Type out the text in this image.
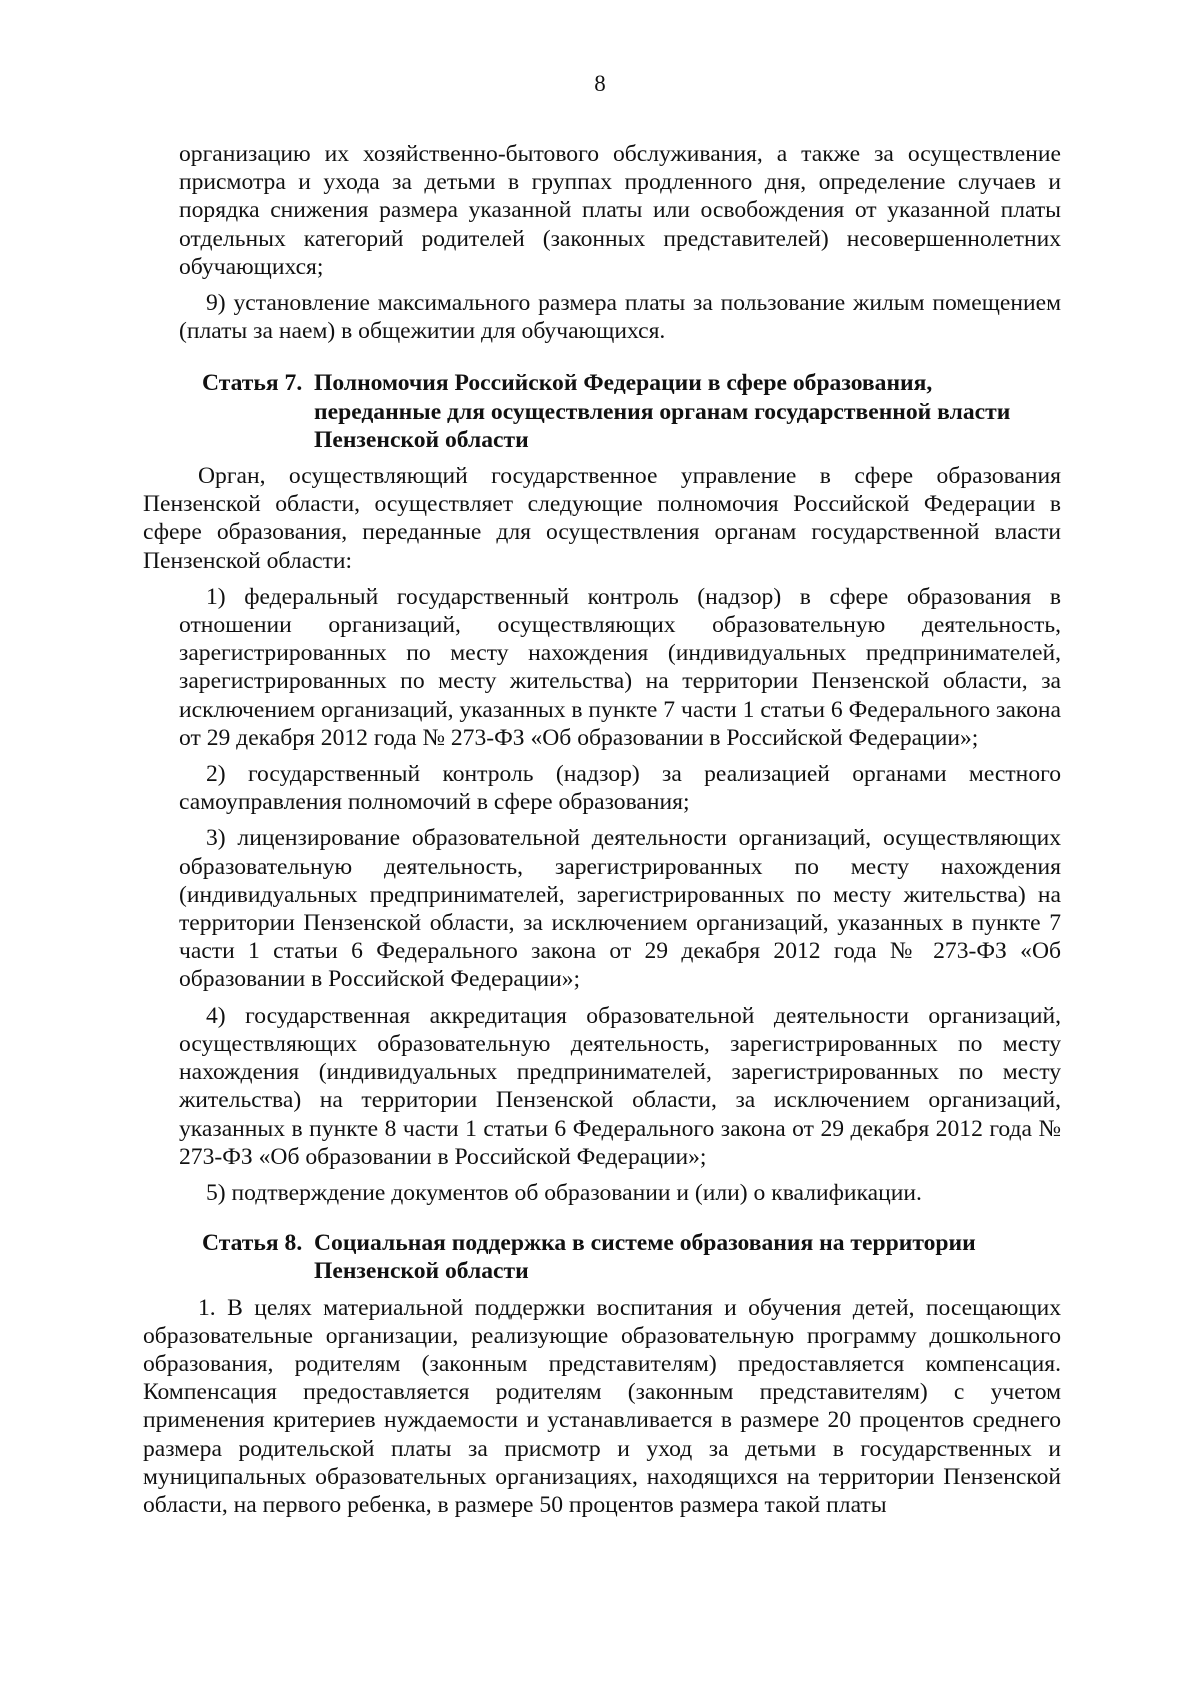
8

организацию их хозяйственно-бытового обслуживания, а также за осуществление присмотра и ухода за детьми в группах продленного дня, определение случаев и порядка снижения размера указанной платы или освобождения от указанной платы отдельных категорий родителей (законных представителей) несовершеннолетних обучающихся;

9) установление максимального размера платы за пользование жилым помещением (платы за наем) в общежитии для обучающихся.

Статья 7. Полномочия Российской Федерации в сфере образования,
переданные для осуществления органам государственной власти
Пензенской области

Орган, осуществляющий государственное управление в сфере образования Пензенской области, осуществляет следующие полномочия Российской Федерации в сфере образования, переданные для осуществления органам государственной власти Пензенской области:

1) федеральный государственный контроль (надзор) в сфере образования в отношении организаций, осуществляющих образовательную деятельность, зарегистрированных по месту нахождения (индивидуальных предпринимателей, зарегистрированных по месту жительства) на территории Пензенской области, за исключением организаций, указанных в пункте 7 части 1 статьи 6 Федерального закона от 29 декабря 2012 года № 273-ФЗ «Об образовании в Российской Федерации»;

2) государственный контроль (надзор) за реализацией органами местного самоуправления полномочий в сфере образования;

3) лицензирование образовательной деятельности организаций, осуществляющих образовательную деятельность, зарегистрированных по месту нахождения (индивидуальных предпринимателей, зарегистрированных по месту жительства) на территории Пензенской области, за исключением организаций, указанных в пункте 7 части 1 статьи 6 Федерального закона от 29 декабря 2012 года № 273-ФЗ «Об образовании в Российской Федерации»;

4) государственная аккредитация образовательной деятельности организаций, осуществляющих образовательную деятельность, зарегистрированных по месту нахождения (индивидуальных предпринимателей, зарегистрированных по месту жительства) на территории Пензенской области, за исключением организаций, указанных в пункте 8 части 1 статьи 6 Федерального закона от 29 декабря 2012 года № 273-ФЗ «Об образовании в Российской Федерации»;

5) подтверждение документов об образовании и (или) о квалификации.

Статья 8. Социальная поддержка в системе образования на территории
Пензенской области

1. В целях материальной поддержки воспитания и обучения детей, посещающих образовательные организации, реализующие образовательную программу дошкольного образования, родителям (законным представителям) предоставляется компенсация. Компенсация предоставляется родителям (законным представителям) с учетом применения критериев нуждаемости и устанавливается в размере 20 процентов среднего размера родительской платы за присмотр и уход за детьми в государственных и муниципальных образовательных организациях, находящихся на территории Пензенской области, на первого ребенка, в размере 50 процентов размера такой платы
